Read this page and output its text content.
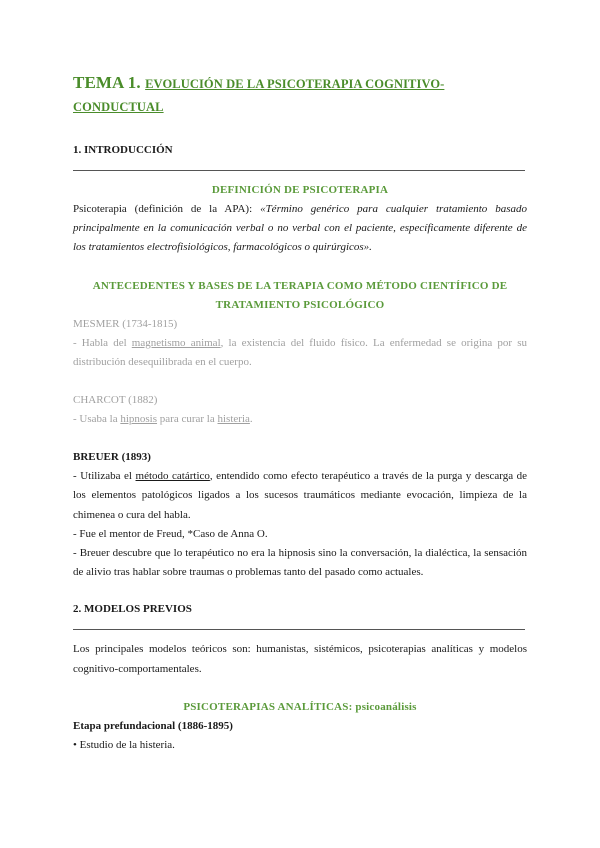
TEMA 1. EVOLUCIÓN DE LA PSICOTERAPIA COGNITIVO-CONDUCTUAL
1. INTRODUCCIÓN
DEFINICIÓN DE PSICOTERAPIA

Psicoterapia (definición de la APA): «Término genérico para cualquier tratamiento basado principalmente en la comunicación verbal o no verbal con el paciente, específicamente diferente de los tratamientos electrofisiológicos, farmacológicos o quirúrgicos».

ANTECEDENTES Y BASES DE LA TERAPIA COMO MÉTODO CIENTÍFICO DE TRATAMIENTO PSICOLÓGICO
MESMER (1734-1815)

- Habla del magnetismo animal, la existencia del fluido físico. La enfermedad se origina por su distribución desequilibrada en el cuerpo.

CHARCOT (1882)

- Usaba la hipnosis para curar la histeria.

BREUER (1893)

- Utilizaba el método catártico, entendido como efecto terapéutico a través de la purga y descarga de los elementos patológicos ligados a los sucesos traumáticos mediante evocación, limpieza de la chimenea o cura del habla.

- Fue el mentor de Freud, *Caso de Anna O.

- Breuer descubre que lo terapéutico no era la hipnosis sino la conversación, la dialéctica, la sensación de alivio tras hablar sobre traumas o problemas tanto del pasado como actuales.

2. MODELOS PREVIOS

Los principales modelos teóricos son: humanistas, sistémicos, psicoterapias analíticas y modelos cognitivo-comportamentales.

PSICOTERAPIAS ANALÍTICAS: psicoanálisis
Etapa prefundacional (1886-1895)

• Estudio de la histeria.
